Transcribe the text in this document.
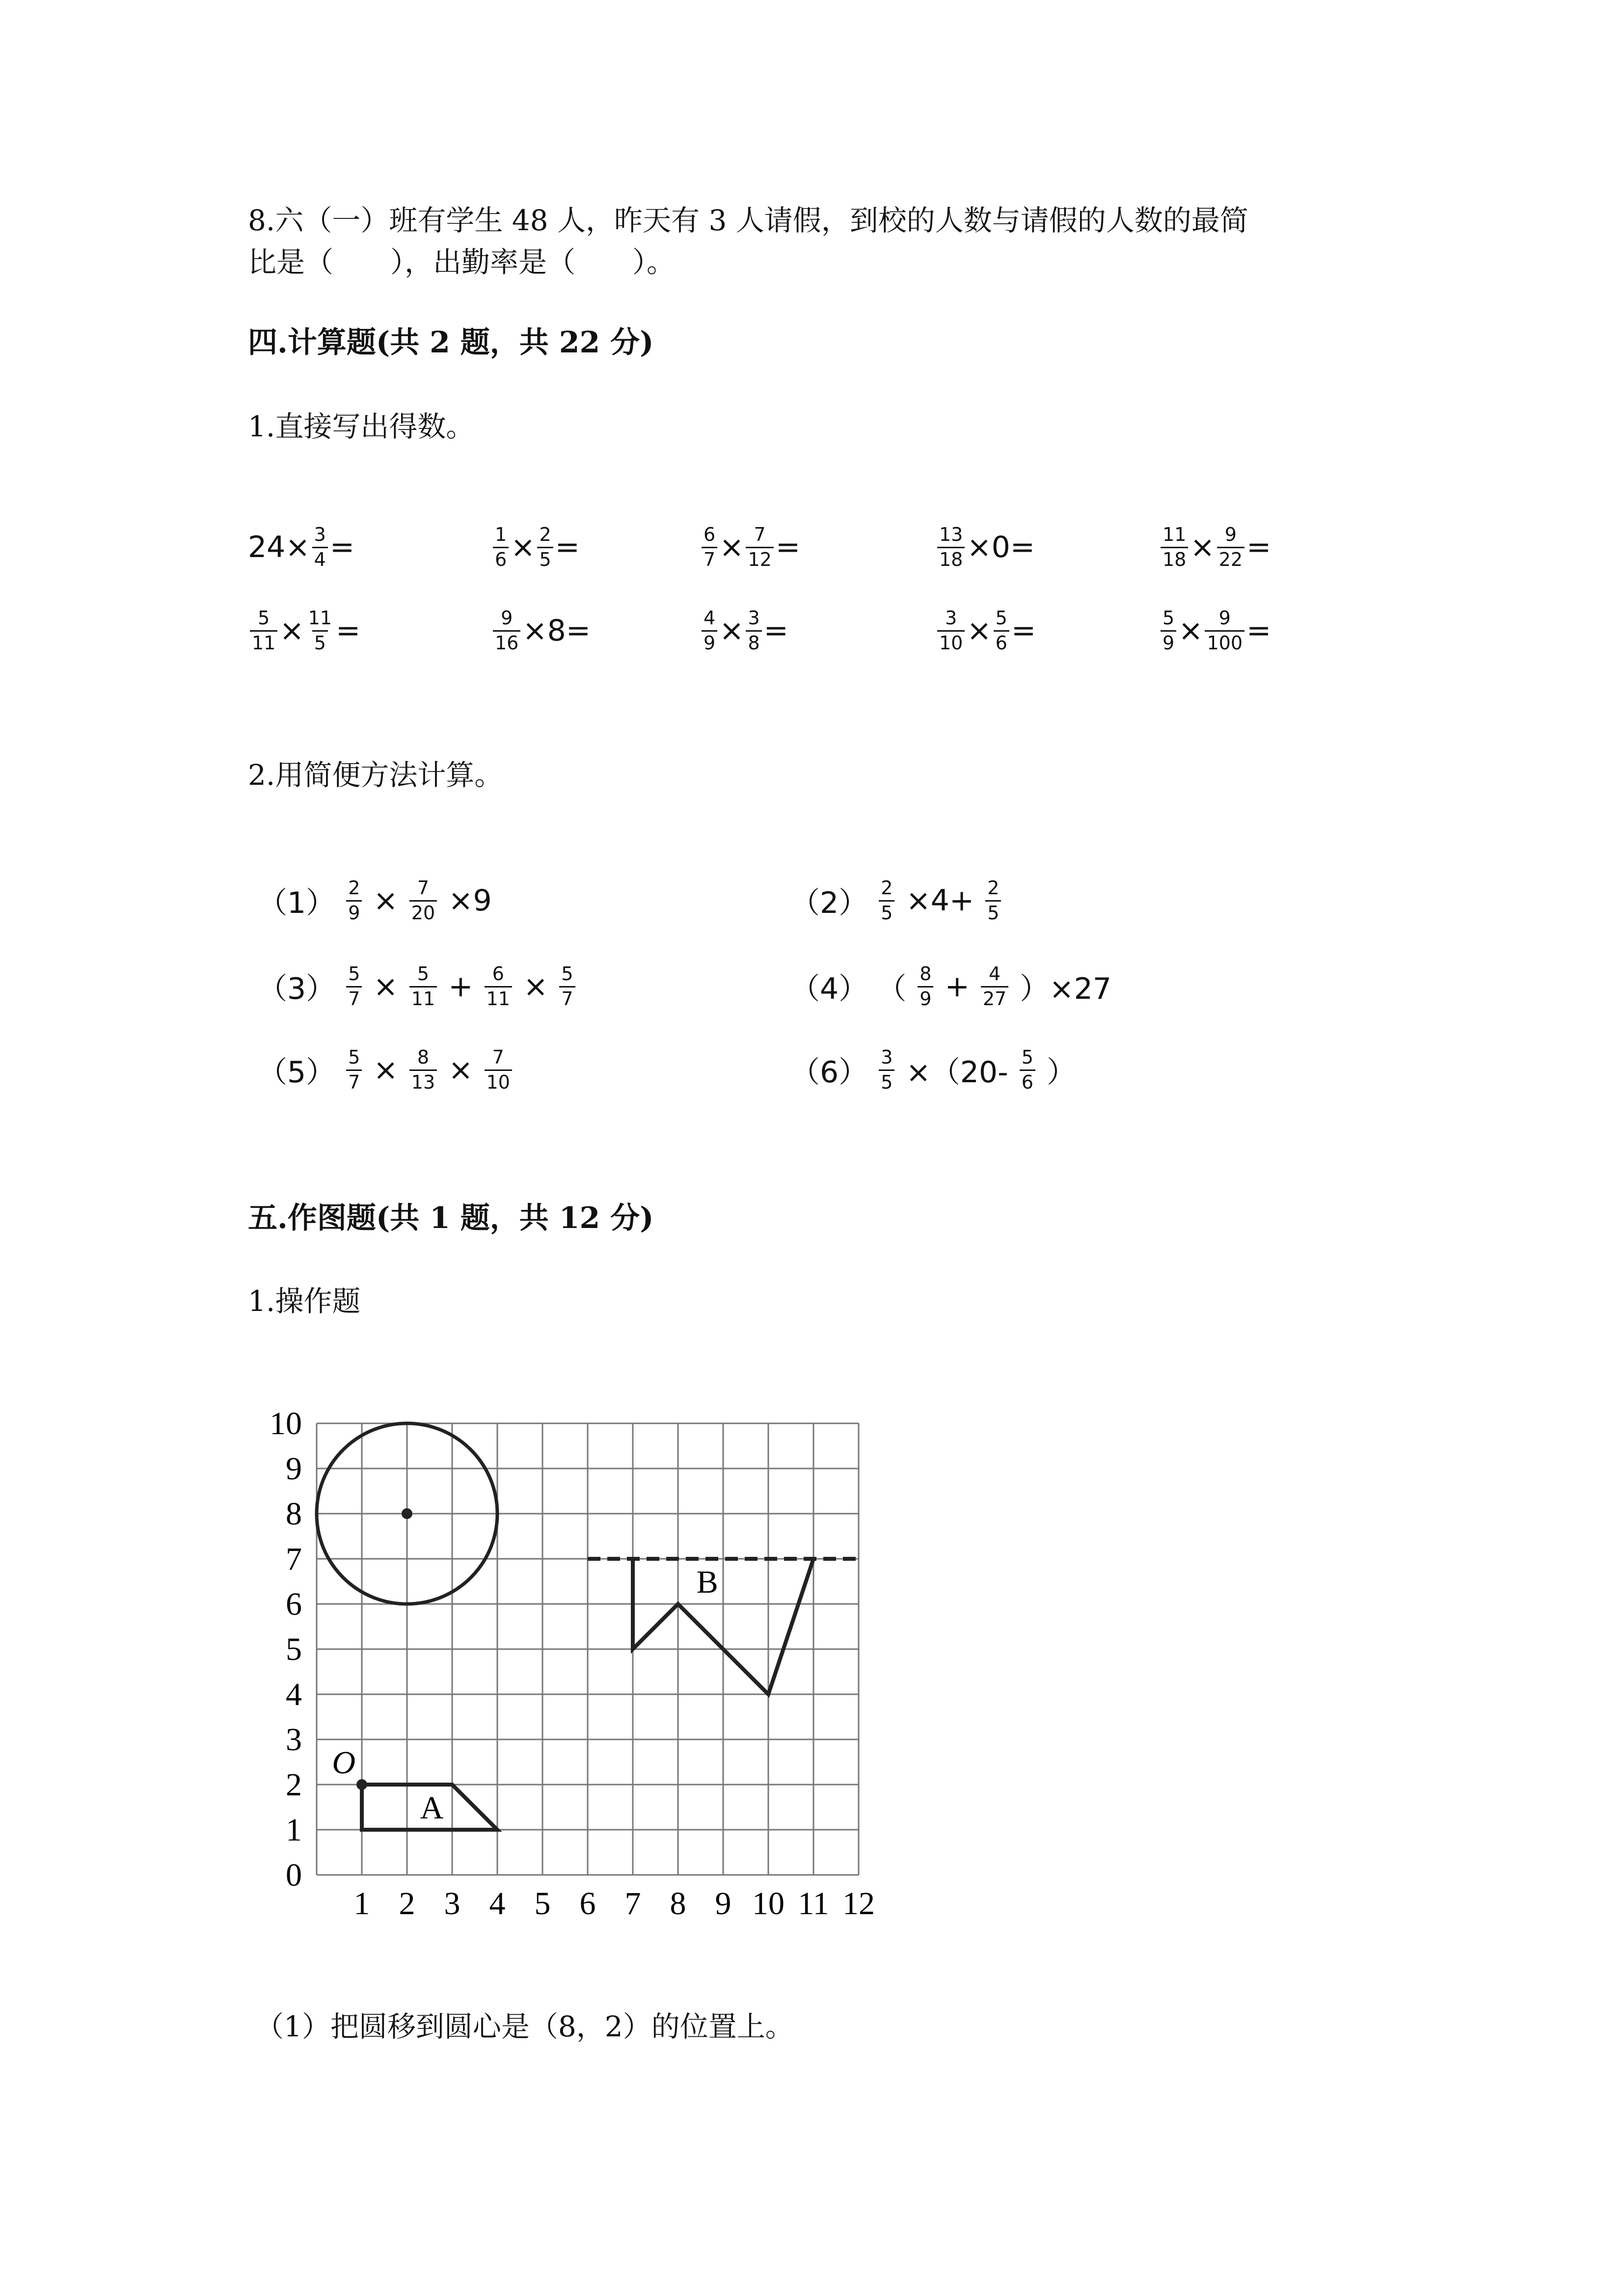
8.六（一）班有学生 48 人，昨天有 3 人请假，到校的人数与请假的人数的最简
比是（　　），出勤率是（　　）。
四.计算题(共 2 题，共 22 分)
1.直接写出得数。
$24\times \frac{3}{4}$ =	$\frac{1}{6} \times \frac{2}{5}$ =	$\frac{6}{7} \times \frac{7}{12}$ =	$\frac{13}{18} \times 0=$	$\frac{11}{18} \times \frac{9}{22}$ =
$\frac{5}{11} \times \frac{11}{5}$ =	$\frac{9}{16} \times 8=$	$\frac{4}{9} \times \frac{3}{8}$ =	$\frac{3}{10} \times \frac{5}{6}$ =	$\frac{5}{9} \times \frac{9}{100}$ =
2.用简便方法计算。
$(1) \frac{2}{9} \times \frac{7}{20} \times 9$	$(2) \frac{2}{5} \times 4+ \frac{2}{5}$
$(3) \frac{5}{7} \times \frac{5}{11} + \frac{6}{11} \times \frac{5}{7}$	（4） （ $\frac{8}{9} + \frac{4}{27} )\times 27$
$(5) \frac{5}{7} \times \frac{8}{13} \times \frac{7}{10}$	$(6) \frac{3}{5} \times(20- \frac{5}{6}$ ）
五.作图题(共 1 题，共 12 分)
1.操作题
1 2 3 4 5 6 7 8 9 10 11 12
0
1
2
3
4
5
6
7
8
9
10
A
O
B
（1）把圆移到圆心是（8，2）的位置上。
